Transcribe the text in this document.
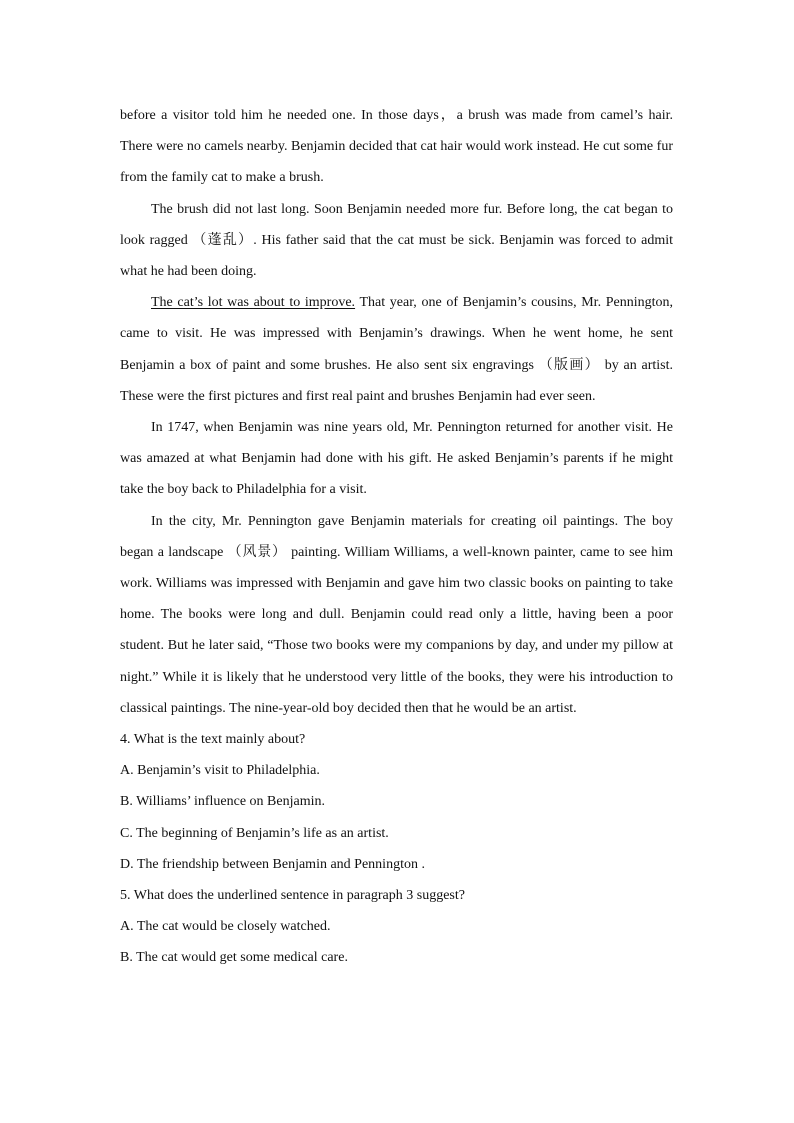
before a visitor told him he needed one. In those days，a brush was made from camel’s hair. There were no camels nearby. Benjamin decided that cat hair would work instead. He cut some fur from the family cat to make a brush.

The brush did not last long. Soon Benjamin needed more fur. Before long, the cat began to look ragged （蓬乱）. His father said that the cat must be sick. Benjamin was forced to admit what he had been doing.

The cat’s lot was about to improve. That year, one of Benjamin’s cousins, Mr. Pennington, came to visit. He was impressed with Benjamin’s drawings. When he went home, he sent Benjamin a box of paint and some brushes. He also sent six engravings （版画） by an artist. These were the first pictures and first real paint and brushes Benjamin had ever seen.

In 1747, when Benjamin was nine years old, Mr. Pennington returned for another visit. He was amazed at what Benjamin had done with his gift. He asked Benjamin’s parents if he might take the boy back to Philadelphia for a visit.

In the city, Mr. Pennington gave Benjamin materials for creating oil paintings. The boy began a landscape （风景） painting. William Williams, a well-known painter, came to see him work. Williams was impressed with Benjamin and gave him two classic books on painting to take home. The books were long and dull. Benjamin could read only a little, having been a poor student. But he later said, “Those two books were my companions by day, and under my pillow at night.” While it is likely that he understood very little of the books, they were his introduction to classical paintings. The nine-year-old boy decided then that he would be an artist.

4. What is the text mainly about?

A. Benjamin’s visit to Philadelphia.

B. Williams’ influence on Benjamin.

C. The beginning of Benjamin’s life as an artist.

D. The friendship between Benjamin and Pennington .

5. What does the underlined sentence in paragraph 3 suggest?

A. The cat would be closely watched.

B. The cat would get some medical care.
